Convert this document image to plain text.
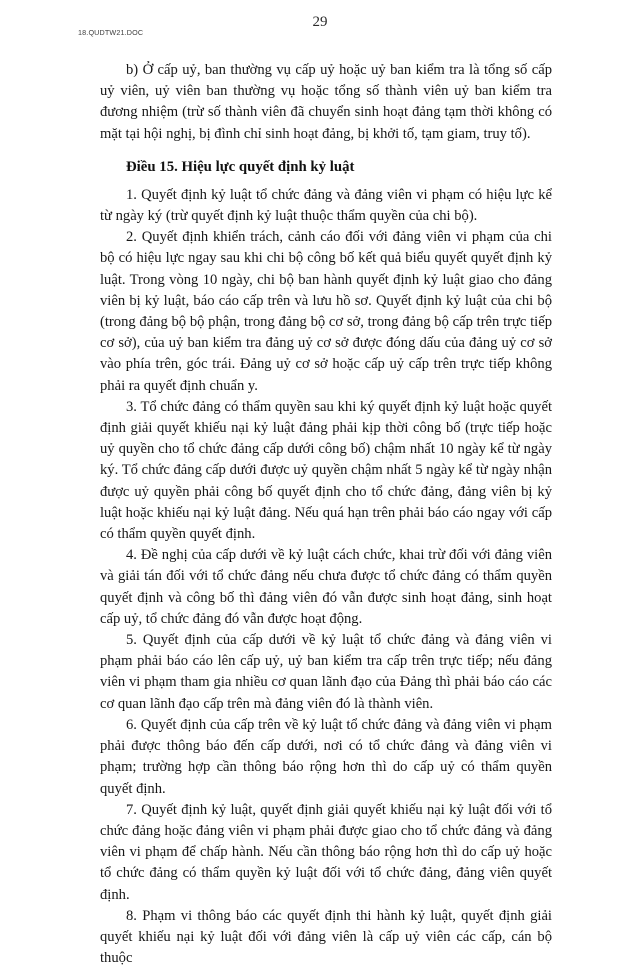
18.QUDTW21.DOC
29

b) Ở cấp uỷ, ban thường vụ cấp uỷ hoặc uỷ ban kiểm tra là tổng số cấp uỷ viên, uỷ viên ban thường vụ hoặc tổng số thành viên uỷ ban kiểm tra đương nhiệm (trừ số thành viên đã chuyển sinh hoạt đảng tạm thời không có mặt tại hội nghị, bị đình chỉ sinh hoạt đảng, bị khởi tố, tạm giam, truy tố).

Điều 15. Hiệu lực quyết định kỷ luật

1. Quyết định kỷ luật tổ chức đảng và đảng viên vi phạm có hiệu lực kể từ ngày ký (trừ quyết định kỷ luật thuộc thẩm quyền của chi bộ).

2. Quyết định khiển trách, cảnh cáo đối với đảng viên vi phạm của chi bộ có hiệu lực ngay sau khi chi bộ công bố kết quả biểu quyết quyết định kỷ luật. Trong vòng 10 ngày, chi bộ ban hành quyết định kỷ luật giao cho đảng viên bị kỷ luật, báo cáo cấp trên và lưu hồ sơ. Quyết định kỷ luật của chi bộ (trong đảng bộ bộ phận, trong đảng bộ cơ sở, trong đảng bộ cấp trên trực tiếp cơ sở), của uỷ ban kiểm tra đảng uỷ cơ sở được đóng dấu của đảng uỷ cơ sở vào phía trên, góc trái. Đảng uỷ cơ sở hoặc cấp uỷ cấp trên trực tiếp không phải ra quyết định chuẩn y.

3. Tổ chức đảng có thẩm quyền sau khi ký quyết định kỷ luật hoặc quyết định giải quyết khiếu nại kỷ luật đảng phải kịp thời công bố (trực tiếp hoặc uỷ quyền cho tổ chức đảng cấp dưới công bố) chậm nhất 10 ngày kể từ ngày ký. Tổ chức đảng cấp dưới được uỷ quyền chậm nhất 5 ngày kể từ ngày nhận được uỷ quyền phải công bố quyết định cho tổ chức đảng, đảng viên bị kỷ luật hoặc khiếu nại kỷ luật đảng. Nếu quá hạn trên phải báo cáo ngay với cấp có thẩm quyền quyết định.

4. Đề nghị của cấp dưới về kỷ luật cách chức, khai trừ đối với đảng viên và giải tán đối với tổ chức đảng nếu chưa được tổ chức đảng có thẩm quyền quyết định và công bố thì đảng viên đó vẫn được sinh hoạt đảng, sinh hoạt cấp uỷ, tổ chức đảng đó vẫn được hoạt động.

5. Quyết định của cấp dưới về kỷ luật tổ chức đảng và đảng viên vi phạm phải báo cáo lên cấp uỷ, uỷ ban kiểm tra cấp trên trực tiếp; nếu đảng viên vi phạm tham gia nhiều cơ quan lãnh đạo của Đảng thì phải báo cáo các cơ quan lãnh đạo cấp trên mà đảng viên đó là thành viên.

6. Quyết định của cấp trên về kỷ luật tổ chức đảng và đảng viên vi phạm phải được thông báo đến cấp dưới, nơi có tổ chức đảng và đảng viên vi phạm; trường hợp cần thông báo rộng hơn thì do cấp uỷ có thẩm quyền quyết định.

7. Quyết định kỷ luật, quyết định giải quyết khiếu nại kỷ luật đối với tổ chức đảng hoặc đảng viên vi phạm phải được giao cho tổ chức đảng và đảng viên vi phạm để chấp hành. Nếu cần thông báo rộng hơn thì do cấp uỷ hoặc tổ chức đảng có thẩm quyền kỷ luật đối với tổ chức đảng, đảng viên quyết định.

8. Phạm vi thông báo các quyết định thi hành kỷ luật, quyết định giải quyết khiếu nại kỷ luật đối với đảng viên là cấp uỷ viên các cấp, cán bộ thuộc
